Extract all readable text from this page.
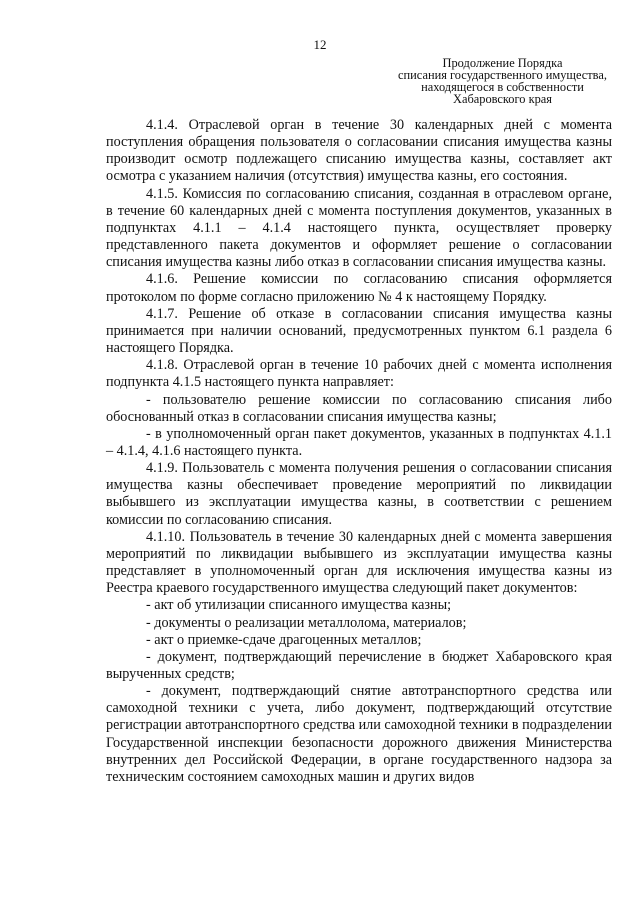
12
Продолжение Порядка
списания государственного имущества,
находящегося в собственности
Хабаровского края

4.1.4. Отраслевой орган в течение 30 календарных дней с момента поступления обращения пользователя о согласовании списания имущества казны производит осмотр подлежащего списанию имущества казны, составляет акт осмотра с указанием наличия (отсутствия) имущества казны, его состояния.

4.1.5. Комиссия по согласованию списания, созданная в отраслевом органе, в течение 60 календарных дней с момента поступления документов, указанных в подпунктах 4.1.1 – 4.1.4 настоящего пункта, осуществляет проверку представленного пакета документов и оформляет решение о согласовании списания имущества казны либо отказ в согласовании списания имущества казны.

4.1.6. Решение комиссии по согласованию списания оформляется протоколом по форме согласно приложению № 4 к настоящему Порядку.

4.1.7. Решение об отказе в согласовании списания имущества казны принимается при наличии оснований, предусмотренных пунктом 6.1 раздела 6 настоящего Порядка.

4.1.8. Отраслевой орган в течение 10 рабочих дней с момента исполнения подпункта 4.1.5 настоящего пункта направляет:

- пользователю решение комиссии по согласованию списания либо обоснованный отказ в согласовании списания имущества казны;

- в уполномоченный орган пакет документов, указанных в подпунктах 4.1.1 – 4.1.4, 4.1.6 настоящего пункта.

4.1.9. Пользователь с момента получения решения о согласовании списания имущества казны обеспечивает проведение мероприятий по ликвидации выбывшего из эксплуатации имущества казны, в соответствии с решением комиссии по согласованию списания.

4.1.10. Пользователь в течение 30 календарных дней с момента завершения мероприятий по ликвидации выбывшего из эксплуатации имущества казны представляет в уполномоченный орган для исключения имущества казны из Реестра краевого государственного имущества следующий пакет документов:

- акт об утилизации списанного имущества казны;

- документы о реализации металлолома, материалов;

- акт о приемке-сдаче драгоценных металлов;

- документ, подтверждающий перечисление в бюджет Хабаровского края вырученных средств;

- документ, подтверждающий снятие автотранспортного средства или самоходной техники с учета, либо документ, подтверждающий отсутствие регистрации автотранспортного средства или самоходной техники в подразделении Государственной инспекции безопасности дорожного движения Министерства внутренних дел Российской Федерации, в органе государственного надзора за техническим состоянием самоходных машин и других видов
